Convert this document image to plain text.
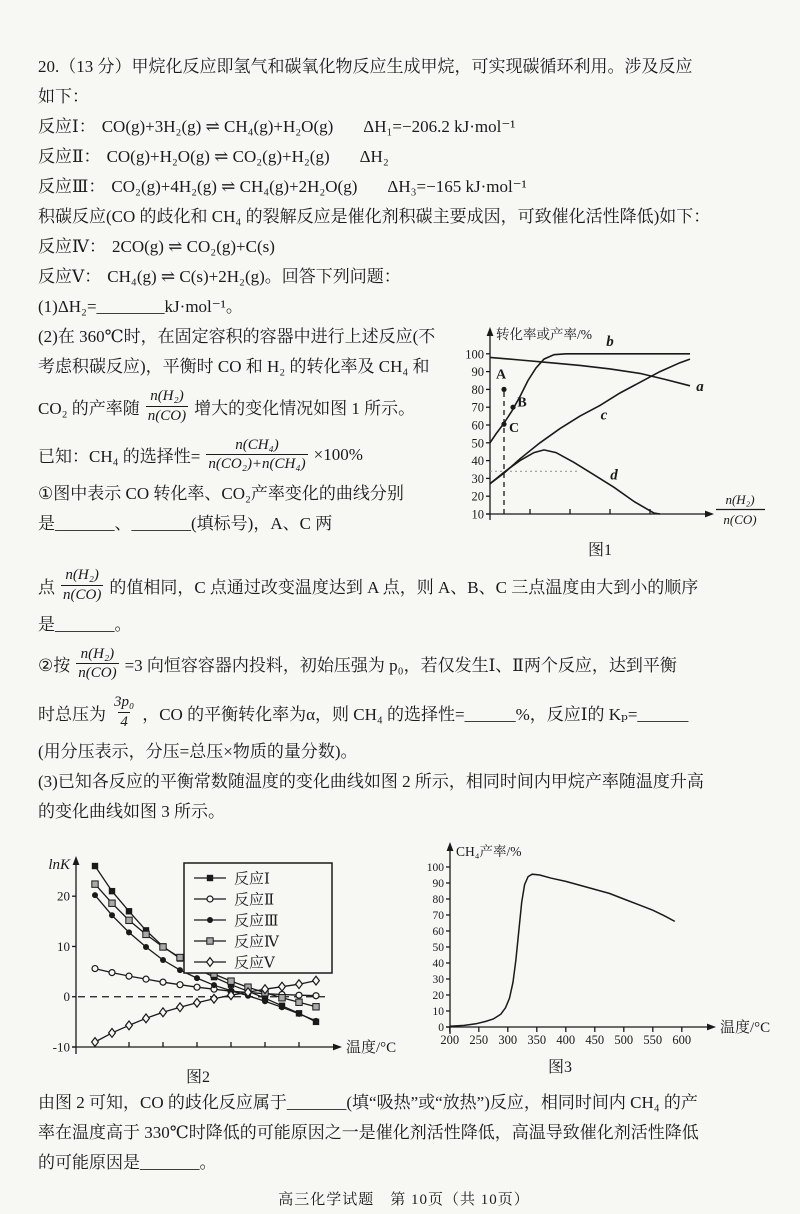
20.（13 分）甲烷化反应即氢气和碳氧化物反应生成甲烷，可实现碳循环利用。涉及反应
如下：
反应Ⅰ： CO(g)+3H₂(g) ⇌ CH₄(g)+H₂O(g) ΔH₁=−206.2 kJ·mol⁻¹
反应Ⅱ： CO(g)+H₂O(g) ⇌ CO₂(g)+H₂(g) ΔH₂
反应Ⅲ： CO₂(g)+4H₂(g) ⇌ CH₄(g)+2H₂O(g) ΔH₃=−165 kJ·mol⁻¹
积碳反应(CO 的歧化和 CH₄ 的裂解反应是催化剂积碳主要成因，可致催化活性降低)如下：
反应Ⅳ： 2CO(g) ⇌ CO₂(g)+C(s)
反应Ⅴ： CH₄(g) ⇌ C(s)+2H₂(g)。回答下列问题：
(1)ΔH₂=________kJ·mol⁻¹。
(2)在 360℃时，在固定容积的容器中进行上述反应(不
考虑积碳反应)，平衡时 CO 和 H₂ 的转化率及 CH₄ 和
CO₂ 的产率随 $\frac{\text{n(H₂)}}{n(CO)}$ 增大的变化情况如图 1 所示。
已知：CH₄ 的选择性= $\frac{\text{n(CH₄)}}{\text{n(CO₂)+n(CH₄)}} \times 100\%$
①图中表示 CO 转化率、CO₂产率变化的曲线分别
是_______、_______(填标号)，A、C 两	10
20
30
40
50
60
70
80
90
100
a
b
c
d
A
B
C
转化率或产率/%
n(H₂)
n(CO)
图1
点 $\frac{\text{n(H₂)}}{n(CO)}$ 的值相同，C 点通过改变温度达到 A 点，则 A、B、C 三点温度由大到小的顺序
是_______。
②按 $\frac{\text{n(H₂)}}{n(CO)} =3$ 向恒容容器内投料，初始压强为 p₀，若仅发生Ⅰ、Ⅱ两个反应，达到平衡
时总压为 $\frac{\text{3p₀}}{4}$ ，CO 的平衡转化率为α，则 CH₄ 的选择性=______%，反应Ⅰ的 Kₚ=______
(用分压表示，分压=总压×物质的量分数)。
(3)已知各反应的平衡常数随温度的变化曲线如图 2 所示，相同时间内甲烷产率随温度升高
的变化曲线如图 3 所示。
-10
0
10
20
反应Ⅰ
反应Ⅱ
反应Ⅲ
反应Ⅳ
反应Ⅴ
lnK
温度/°C
图2
0
10
20
30
40
50
60
70
80
90
100
200 250 300 350 400 450 500 550 600
CH₄产率/%
温度/°C
图3
由图 2 可知，CO 的歧化反应属于_______(填“吸热”或“放热”)反应，相同时间内 CH₄ 的产
率在温度高于 330℃时降低的可能原因之一是催化剂活性降低，高温导致催化剂活性降低
的可能原因是_______。
高三化学试题　第 10页（共 10页）
